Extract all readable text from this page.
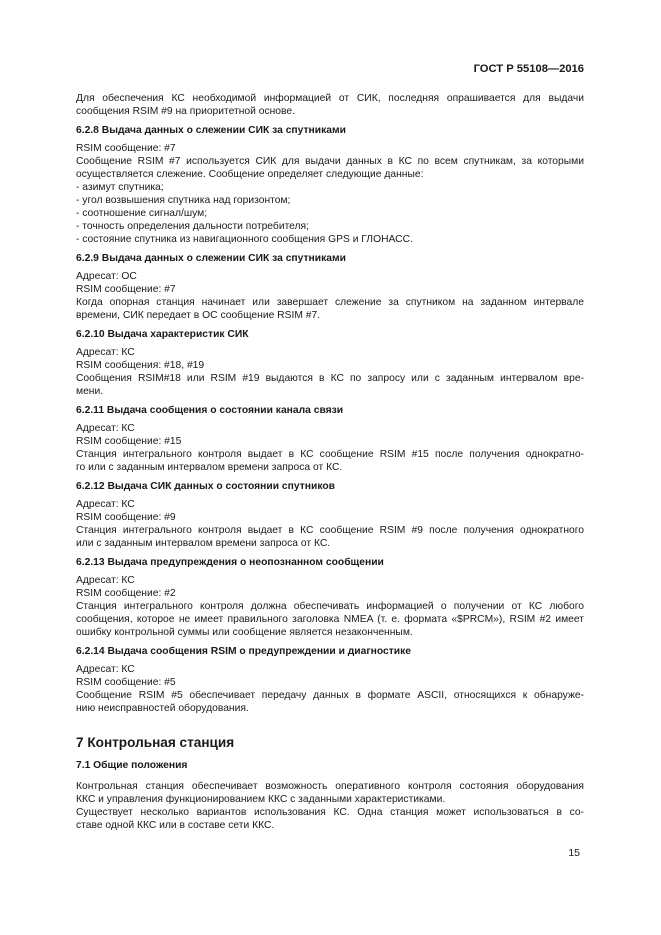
ГОСТ Р 55108—2016
Для обеспечения КС необходимой информацией от СИК, последняя опрашивается для выдачи
сообщения RSIM #9 на приоритетной основе.
6.2.8 Выдача данных о слежении СИК за спутниками
RSIM сообщение: #7
Сообщение RSIM #7 используется СИК для выдачи данных в КС по всем спутникам, за которыми
осуществляется слежение. Сообщение определяет следующие данные:
- азимут спутника;
- угол возвышения спутника над горизонтом;
- соотношение сигнал/шум;
- точность определения дальности потребителя;
- состояние спутника из навигационного сообщения GPS и ГЛОНАСС.
6.2.9 Выдача данных о слежении СИК за спутниками
Адресат: ОС
RSIM сообщение: #7
Когда опорная станция начинает или завершает слежение за спутником на заданном интервале
времени, СИК передает в ОС сообщение RSIM #7.
6.2.10 Выдача характеристик СИК
Адресат: КС
RSIM сообщения: #18, #19
Сообщения RSIM#18 или RSIM #19 выдаются в КС по запросу или с заданным интервалом вре-
мени.
6.2.11 Выдача сообщения о состоянии канала связи
Адресат: КС
RSIM сообщение: #15
Станция интегрального контроля выдает в КС сообщение RSIM #15 после получения однократно-
го или с заданным интервалом времени запроса от КС.
6.2.12 Выдача СИК данных о состоянии спутников
Адресат: КС
RSIM сообщение: #9
Станция интегрального контроля выдает в КС сообщение RSIM #9 после получения однократного
или с заданным интервалом времени запроса от КС.
6.2.13 Выдача предупреждения о неопознанном сообщении
Адресат: КС
RSIM сообщение: #2
Станция интегрального контроля должна обеспечивать информацией о получении от КС любого
сообщения, которое не имеет правильного заголовка NMEA (т. е. формата «$PRCM»), RSIM #2 имеет
ошибку контрольной суммы или сообщение является незаконченным.
6.2.14 Выдача сообщения RSIM о предупреждении и диагностике
Адресат: КС
RSIM сообщение: #5
Сообщение RSIM #5 обеспечивает передачу данных в формате ASCII, относящихся к обнаруже-
нию неисправностей оборудования.
7 Контрольная станция
7.1 Общие положения
Контрольная станция обеспечивает возможность оперативного контроля состояния оборудования
ККС и управления функционированием ККС с заданными характеристиками.
Существует несколько вариантов использования КС. Одна станция может использоваться в со-
ставе одной ККС или в составе сети ККС.
15
